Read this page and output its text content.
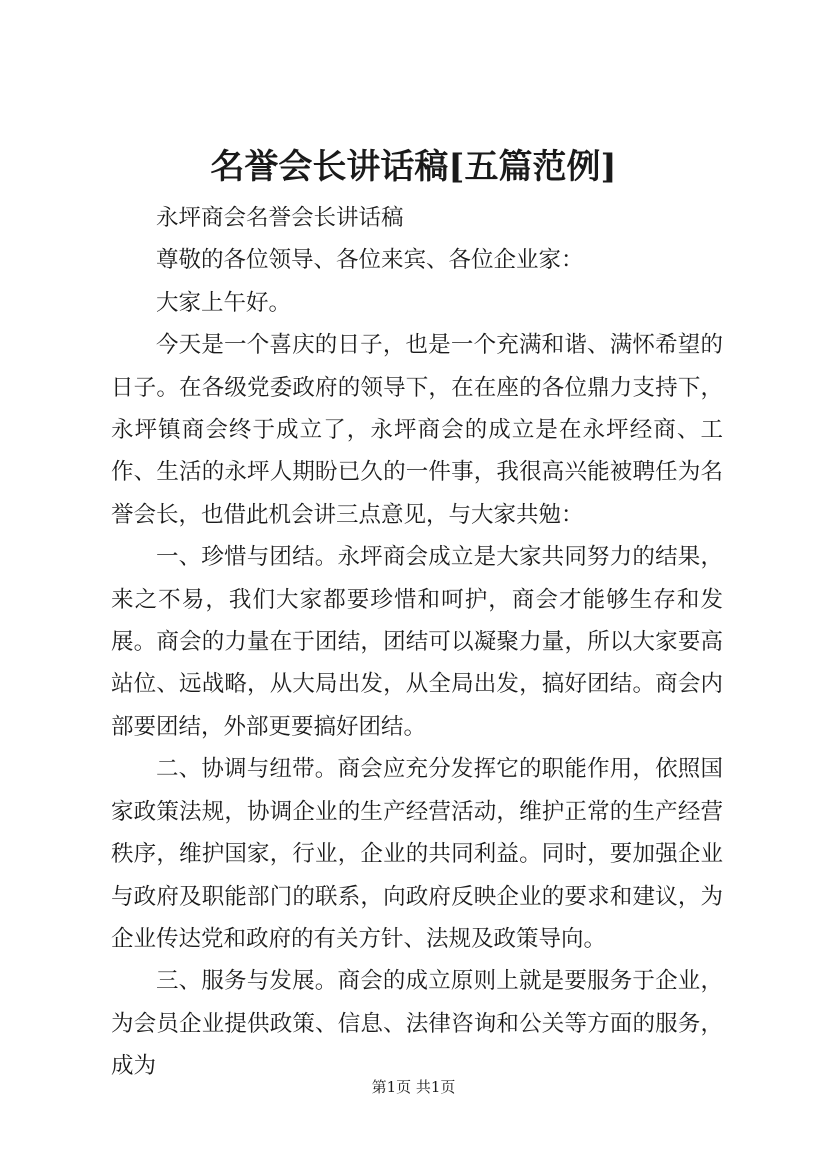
名誉会长讲话稿[五篇范例]

永坪商会名誉会长讲话稿

尊敬的各位领导、各位来宾、各位企业家：

大家上午好。

今天是一个喜庆的日子，也是一个充满和谐、满怀希望的日子。在各级党委政府的领导下，在在座的各位鼎力支持下，永坪镇商会终于成立了，永坪商会的成立是在永坪经商、工作、生活的永坪人期盼已久的一件事，我很高兴能被聘任为名誉会长，也借此机会讲三点意见，与大家共勉：

一、珍惜与团结。永坪商会成立是大家共同努力的结果，来之不易，我们大家都要珍惜和呵护，商会才能够生存和发展。商会的力量在于团结，团结可以凝聚力量，所以大家要高站位、远战略，从大局出发，从全局出发，搞好团结。商会内部要团结，外部更要搞好团结。

二、协调与纽带。商会应充分发挥它的职能作用，依照国家政策法规，协调企业的生产经营活动，维护正常的生产经营秩序，维护国家，行业，企业的共同利益。同时，要加强企业与政府及职能部门的联系，向政府反映企业的要求和建议，为企业传达党和政府的有关方针、法规及政策导向。

三、服务与发展。商会的成立原则上就是要服务于企业，为会员企业提供政策、信息、法律咨询和公关等方面的服务，成为

第1页 共1页
